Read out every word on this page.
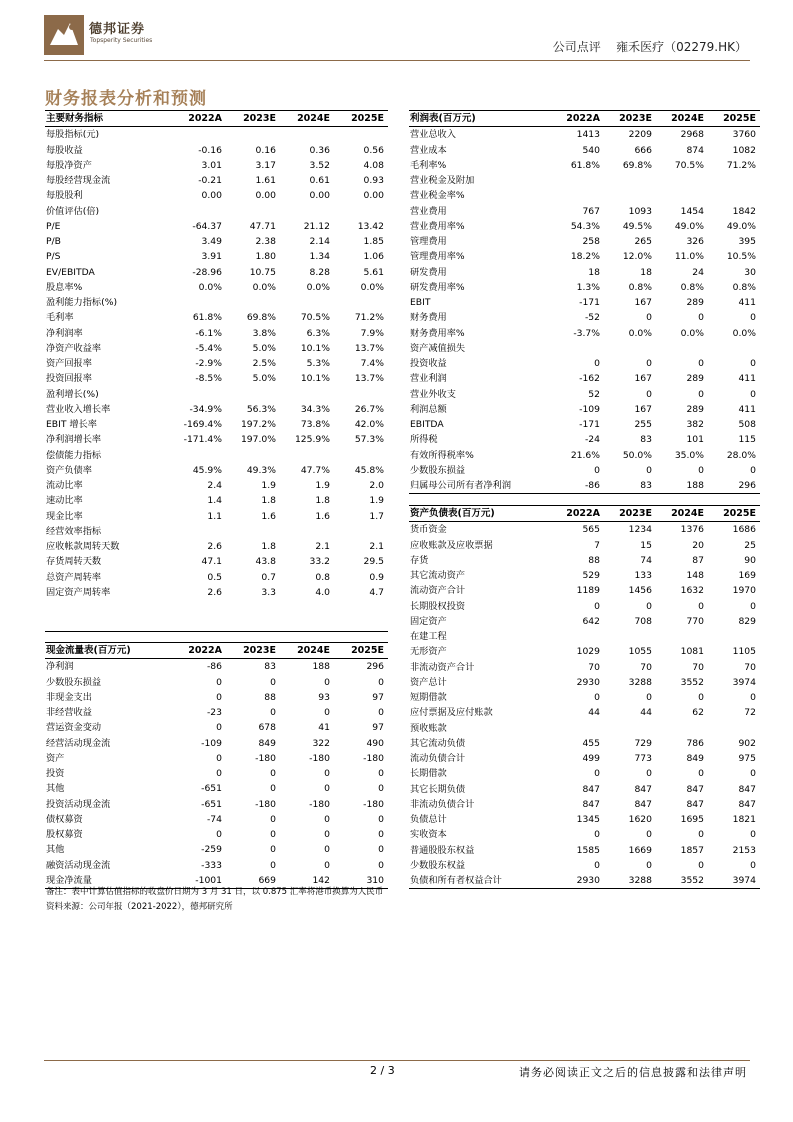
德邦证券
Topsperity Securities	公司点评 雍禾医疗（02279.HK）
财务报表分析和预测
主要财务指标	2022A	2023E	2024E	2025E
每股指标(元)				
每股收益	-0.16	0.16	0.36	0.56
每股净资产	3.01	3.17	3.52	4.08
每股经营现金流	-0.21	1.61	0.61	0.93
每股股利	0.00	0.00	0.00	0.00
价值评估(倍)				
P/E	-64.37	47.71	21.12	13.42
P/B	3.49	2.38	2.14	1.85
P/S	3.91	1.80	1.34	1.06
EV/EBITDA	-28.96	10.75	8.28	5.61
股息率%	0.0%	0.0%	0.0%	0.0%
盈利能力指标(%)				
毛利率	61.8%	69.8%	70.5%	71.2%
净利润率	-6.1%	3.8%	6.3%	7.9%
净资产收益率	-5.4%	5.0%	10.1%	13.7%
资产回报率	-2.9%	2.5%	5.3%	7.4%
投资回报率	-8.5%	5.0%	10.1%	13.7%
盈利增长(%)				
营业收入增长率	-34.9%	56.3%	34.3%	26.7%
EBIT 增长率	-169.4%	197.2%	73.8%	42.0%
净利润增长率	-171.4%	197.0%	125.9%	57.3%
偿债能力指标				
资产负债率	45.9%	49.3%	47.7%	45.8%
流动比率	2.4	1.9	1.9	2.0
速动比率	1.4	1.8	1.8	1.9
现金比率	1.1	1.6	1.6	1.7
经营效率指标				
应收帐款周转天数	2.6	1.8	2.1	2.1
存货周转天数	47.1	43.8	33.2	29.5
总资产周转率	0.5	0.7	0.8	0.9
固定资产周转率	2.6	3.3	4.0	4.7

现金流量表(百万元)	2022A	2023E	2024E	2025E
净利润	-86	83	188	296
少数股东损益	0	0	0	0
非现金支出	0	88	93	97
非经营收益	-23	0	0	0
营运资金变动	0	678	41	97
经营活动现金流	-109	849	322	490
资产	0	-180	-180	-180
投资	0	0	0	0
其他	-651	0	0	0
投资活动现金流	-651	-180	-180	-180
债权募资	-74	0	0	0
股权募资	0	0	0	0
其他	-259	0	0	0
融资活动现金流	-333	0	0	0
现金净流量	-1001	669	142	310
利润表(百万元)	2022A	2023E	2024E	2025E
营业总收入	1413	2209	2968	3760
营业成本	540	666	874	1082
毛利率%	61.8%	69.8%	70.5%	71.2%
营业税金及附加				
营业税金率%				
营业费用	767	1093	1454	1842
营业费用率%	54.3%	49.5%	49.0%	49.0%
管理费用	258	265	326	395
管理费用率%	18.2%	12.0%	11.0%	10.5%
研发费用	18	18	24	30
研发费用率%	1.3%	0.8%	0.8%	0.8%
EBIT	-171	167	289	411
财务费用	-52	0	0	0
财务费用率%	-3.7%	0.0%	0.0%	0.0%
资产减值损失				
投资收益	0	0	0	0
营业利润	-162	167	289	411
营业外收支	52	0	0	0
利润总额	-109	167	289	411
EBITDA	-171	255	382	508
所得税	-24	83	101	115
有效所得税率%	21.6%	50.0%	35.0%	28.0%
少数股东损益	0	0	0	0
归属母公司所有者净利润	-86	83	188	296
资产负债表(百万元)	2022A	2023E	2024E	2025E
货币资金	565	1234	1376	1686
应收账款及应收票据	7	15	20	25
存货	88	74	87	90
其它流动资产	529	133	148	169
流动资产合计	1189	1456	1632	1970
长期股权投资	0	0	0	0
固定资产	642	708	770	829
在建工程				
无形资产	1029	1055	1081	1105
非流动资产合计	70	70	70	70
资产总计	2930	3288	3552	3974
短期借款	0	0	0	0
应付票据及应付账款	44	44	62	72
预收账款				
其它流动负债	455	729	786	902
流动负债合计	499	773	849	975
长期借款	0	0	0	0
其它长期负债	847	847	847	847
非流动负债合计	847	847	847	847
负债总计	1345	1620	1695	1821
实收资本	0	0	0	0
普通股股东权益	1585	1669	1857	2153
少数股东权益	0	0	0	0
负债和所有者权益合计	2930	3288	3552	3974
备注：表中计算估值指标的收盘价日期为 3 月 31 日，以 0.875 汇率将港币换算为人民币
资料来源：公司年报（2021-2022），德邦研究所
2 / 3	请务必阅读正文之后的信息披露和法律声明
